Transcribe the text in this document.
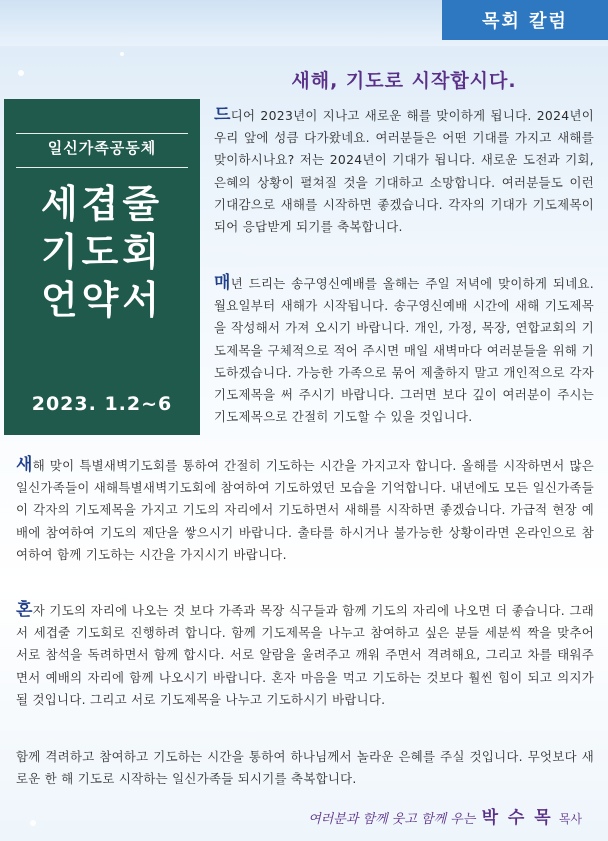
목회 칼럼
새해, 기도로 시작합시다.
일신가족공동체
세겹줄
기도회
언약서
2023. 1.2~6

드디어 2023년이 지나고 새로운 해를 맞이하게 됩니다. 2024년이 우리 앞에 성큼 다가왔네요. 여러분들은 어떤 기대를 가지고 새해를 맞이하시나요? 저는 2024년이 기대가 됩니다. 새로운 도전과 기회, 은혜의 상황이 펼쳐질 것을 기대하고 소망합니다. 여러분들도 이런 기대감으로 새해를 시작하면 좋겠습니다. 각자의 기대가 기도제목이 되어 응답받게 되기를 축복합니다.

매년 드리는 송구영신예배를 올해는 주일 저녁에 맞이하게 되네요. 월요일부터 새해가 시작됩니다. 송구영신예배 시간에 새해 기도제목을 작성해서 가져 오시기 바랍니다. 개인, 가정, 목장, 연합교회의 기도제목을 구체적으로 적어 주시면 매일 새벽마다 여러분들을 위해 기도하겠습니다. 가능한 가족으로 묶어 제출하지 말고 개인적으로 각자 기도제목을 써 주시기 바랍니다. 그러면 보다 깊이 여러분이 주시는 기도제목으로 간절히 기도할 수 있을 것입니다.

새해 맞이 특별새벽기도회를 통하여 간절히 기도하는 시간을 가지고자 합니다. 올해를 시작하면서 많은 일신가족들이 새해특별새벽기도회에 참여하여 기도하였던 모습을 기억합니다. 내년에도 모든 일신가족들이 각자의 기도제목을 가지고 기도의 자리에서 기도하면서 새해를 시작하면 좋겠습니다. 가급적 현장 예배에 참여하여 기도의 제단을 쌓으시기 바랍니다. 출타를 하시거나 불가능한 상황이라면 온라인으로 참여하여 함께 기도하는 시간을 가지시기 바랍니다.

혼자 기도의 자리에 나오는 것 보다 가족과 목장 식구들과 함께 기도의 자리에 나오면 더 좋습니다. 그래서 세겹줄 기도회로 진행하려 합니다. 함께 기도제목을 나누고 참여하고 싶은 분들 세분씩 짝을 맞추어 서로 참석을 독려하면서 함께 합시다. 서로 알람을 울려주고 깨워 주면서 격려해요, 그리고 차를 태워주면서 예배의 자리에 함께 나오시기 바랍니다. 혼자 마음을 먹고 기도하는 것보다 훨씬 힘이 되고 의지가 될 것입니다. 그리고 서로 기도제목을 나누고 기도하시기 바랍니다.

함께 격려하고 참여하고 기도하는 시간을 통하여 하나님께서 놀라운 은혜를 주실 것입니다. 무엇보다 새로운 한 해 기도로 시작하는 일신가족들 되시기를 축복합니다.

여러분과 함께 웃고 함께 우는 박 수 목 목사
